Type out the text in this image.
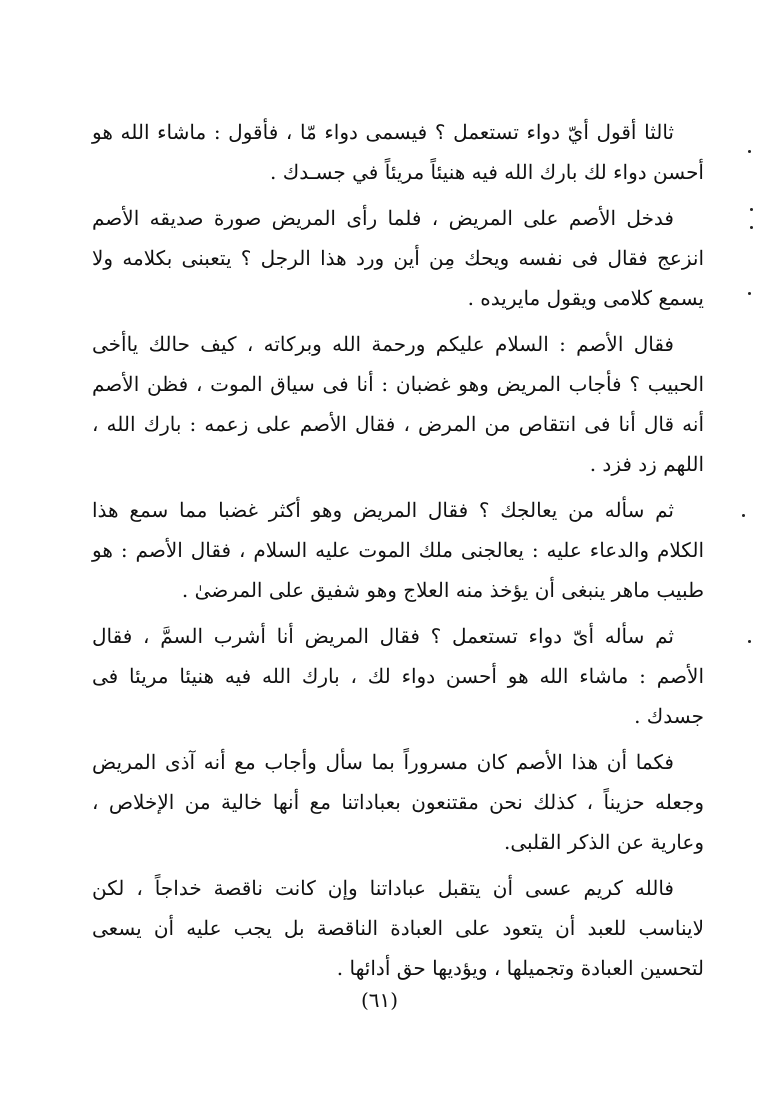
ثالثا أقول أيّ دواء تستعمل ؟ فيسمى دواء مّا ، فأقول : ماشاء الله هو أحسن دواء لك بارك الله فيه هنيئاً مريئاً في جسـدك .

فدخل الأصم على المريض ، فلما رأى المريض صورة صديقه الأصم انزعج فقال فى نفسه ويحك مِن أين ورد هذا الرجل ؟ يتعبنى بكلامه ولا يسمع كلامى ويقول مايريده .

فقال الأصم : السلام عليكم ورحمة الله وبركاته ، كيف حالك ياأخى الحبيب ؟ فأجاب المريض وهو غضبان : أنا فى سياق الموت ، فظن الأصم أنه قال أنا فى انتقاص من المرض ، فقال الأصم على زعمه : بارك الله ، اللهم زد فزد .

ثم سأله من يعالجك ؟ فقال المريض وهو أكثر غضبا مما سمع هذا الكلام والدعاء عليه : يعالجنى ملك الموت عليه السلام ، فقال الأصم : هو طبيب ماهر ينبغى أن يؤخذ منه العلاج وهو شفيق على المرضىٰ .

ثم سأله أىّ دواء تستعمل ؟ فقال المريض أنا أشرب السمَّ ، فقال الأصم : ماشاء الله هو أحسن دواء لك ، بارك الله فيه هنيئا مريئا فى جسدك .

فكما أن هذا الأصم كان مسروراً بما سأل وأجاب مع أنه آذى المريض وجعله حزيناً ، كذلك نحن مقتنعون بعباداتنا مع أنها خالية من الإخلاص ، وعارية عن الذكر القلبى.

فالله كريم عسى أن يتقبل عباداتنا وإن كانت ناقصة خداجاً ، لكن لايناسب للعبد أن يتعود على العبادة الناقصة بل يجب عليه أن يسعى لتحسين العبادة وتجميلها ، ويؤديها حق أدائها .

(٦١)
